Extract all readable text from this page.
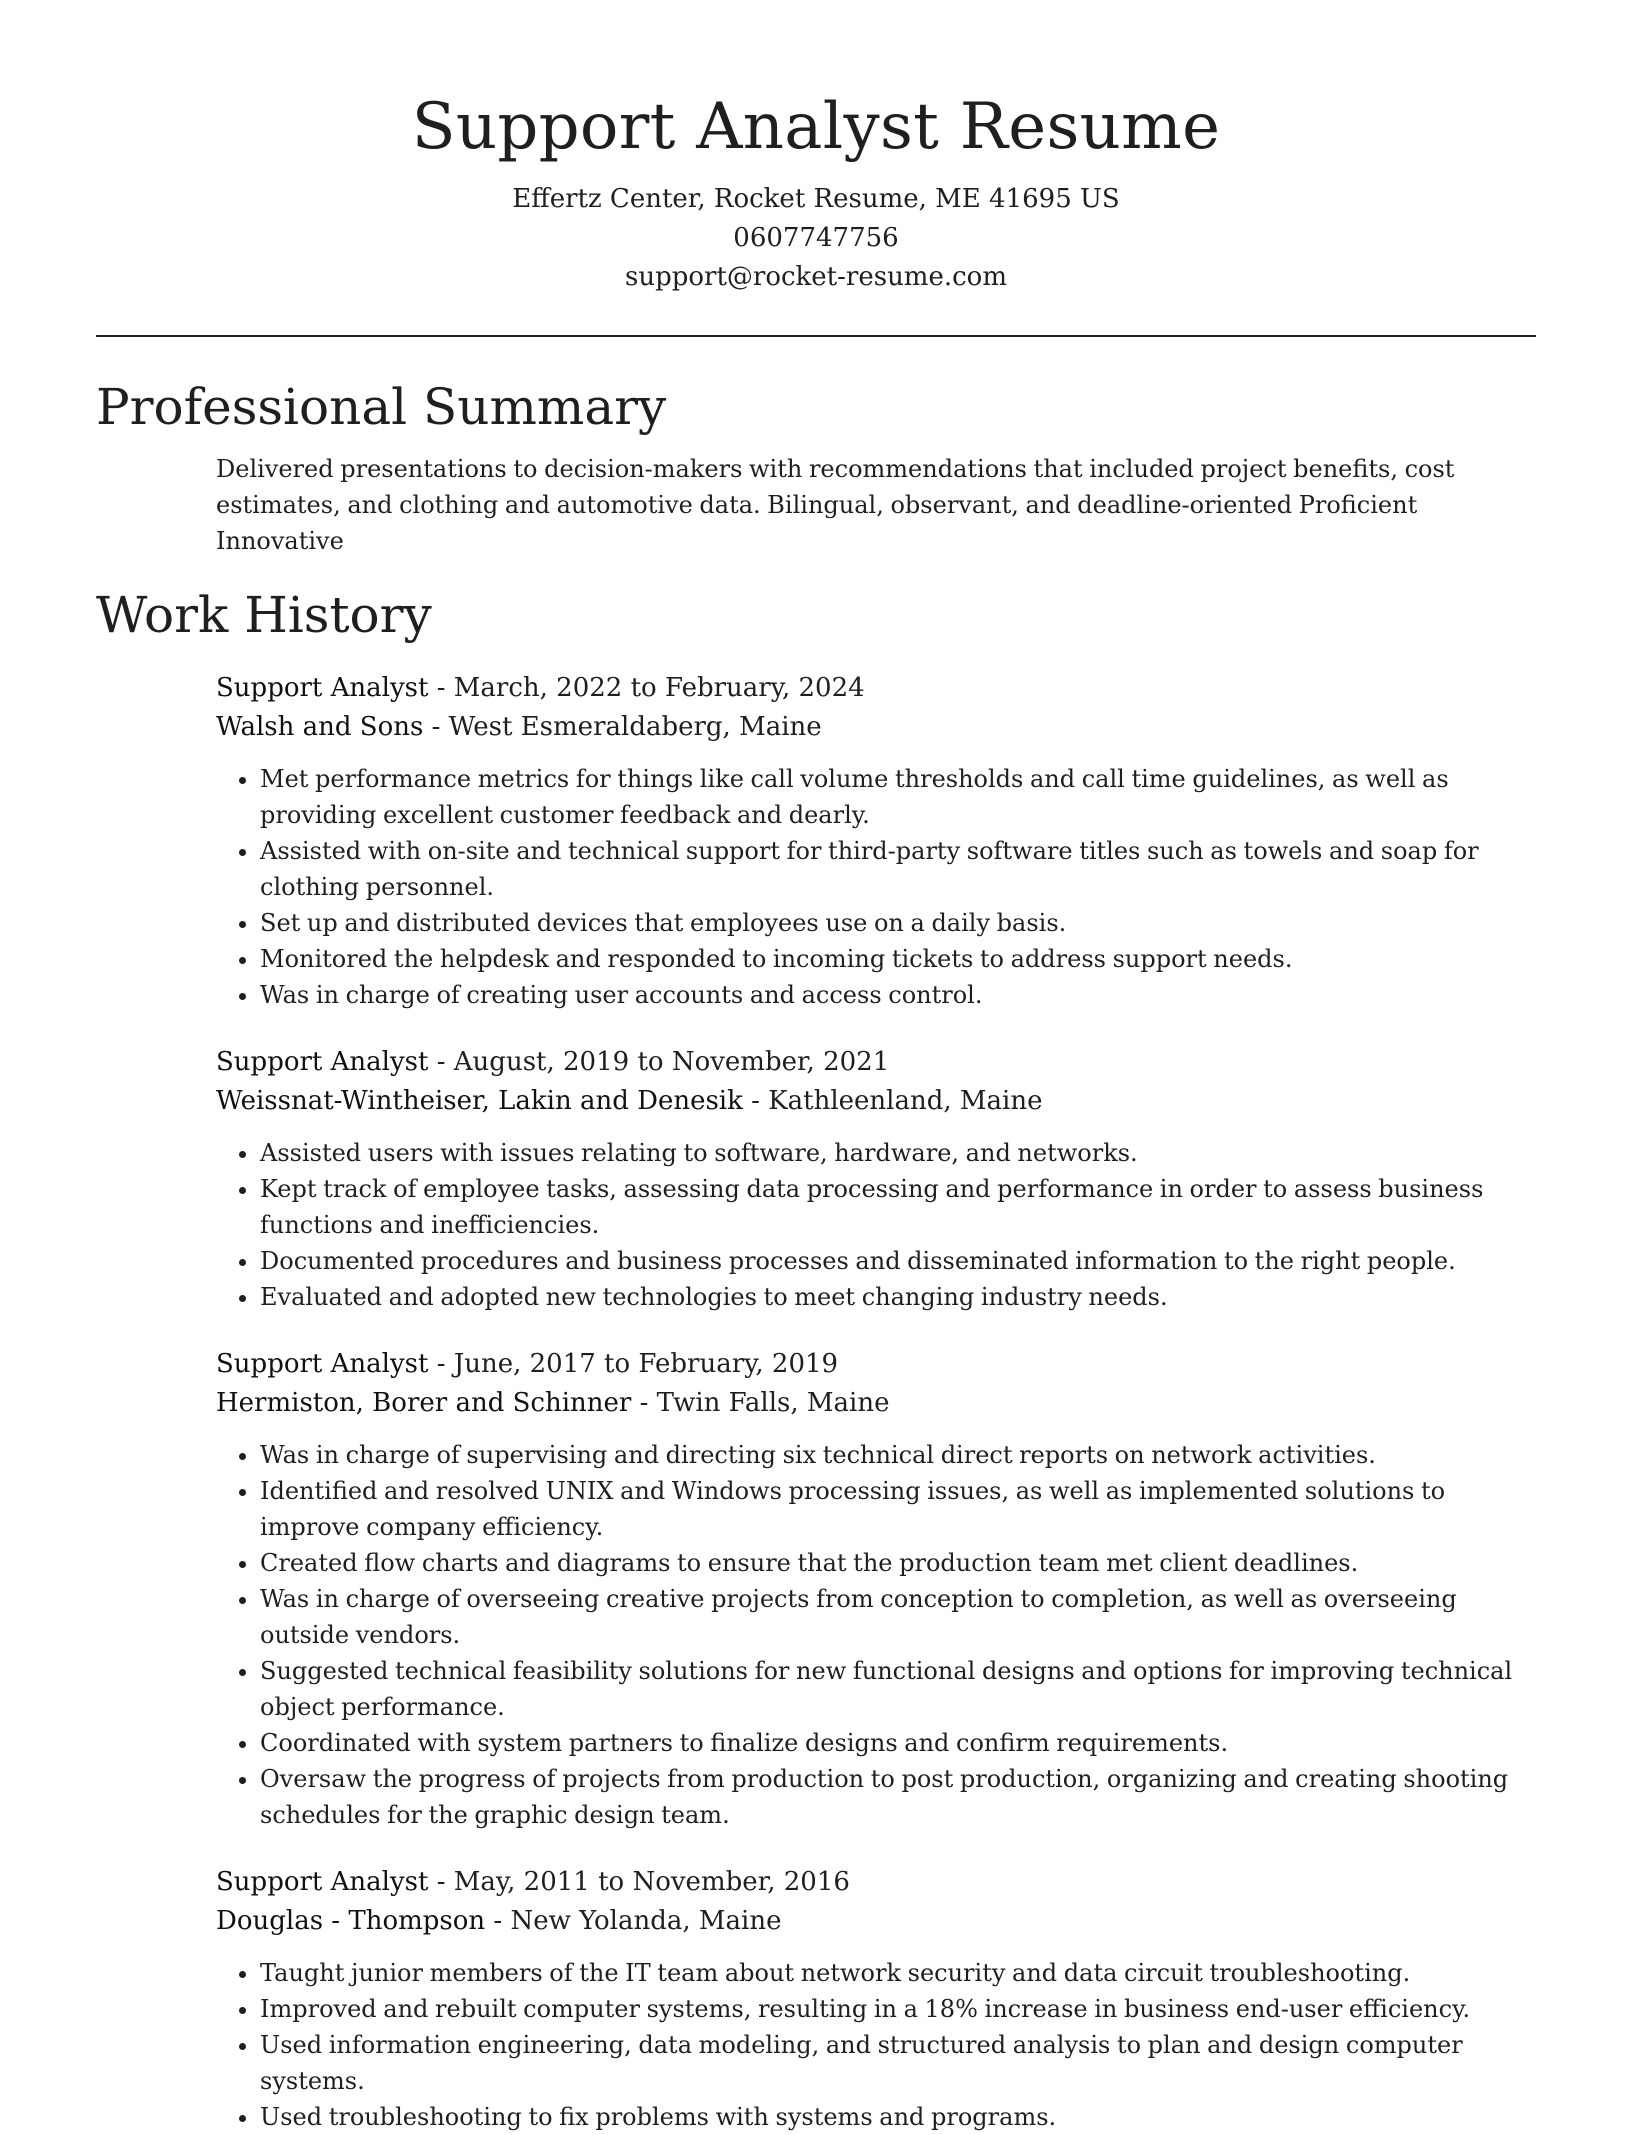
Support Analyst Resume

Effertz Center, Rocket Resume, ME 41695 US

0607747756

support@rocket-resume.com

Professional Summary

Delivered presentations to decision-makers with recommendations that included project benefits, cost estimates, and clothing and automotive data. Bilingual, observant, and deadline-oriented Proficient Innovative

Work History

Support Analyst - March, 2022 to February, 2024

Walsh and Sons - West Esmeraldaberg, Maine

• Met performance metrics for things like call volume thresholds and call time guidelines, as well as providing excellent customer feedback and dearly.
• Assisted with on-site and technical support for third-party software titles such as towels and soap for clothing personnel.
• Set up and distributed devices that employees use on a daily basis.
• Monitored the helpdesk and responded to incoming tickets to address support needs.
• Was in charge of creating user accounts and access control.

Support Analyst - August, 2019 to November, 2021

Weissnat-Wintheiser, Lakin and Denesik - Kathleenland, Maine

• Assisted users with issues relating to software, hardware, and networks.
• Kept track of employee tasks, assessing data processing and performance in order to assess business functions and inefficiencies.
• Documented procedures and business processes and disseminated information to the right people.
• Evaluated and adopted new technologies to meet changing industry needs.

Support Analyst - June, 2017 to February, 2019

Hermiston, Borer and Schinner - Twin Falls, Maine

• Was in charge of supervising and directing six technical direct reports on network activities.
• Identified and resolved UNIX and Windows processing issues, as well as implemented solutions to improve company efficiency.
• Created flow charts and diagrams to ensure that the production team met client deadlines.
• Was in charge of overseeing creative projects from conception to completion, as well as overseeing outside vendors.
• Suggested technical feasibility solutions for new functional designs and options for improving technical object performance.
• Coordinated with system partners to finalize designs and confirm requirements.
• Oversaw the progress of projects from production to post production, organizing and creating shooting schedules for the graphic design team.

Support Analyst - May, 2011 to November, 2016

Douglas - Thompson - New Yolanda, Maine

• Taught junior members of the IT team about network security and data circuit troubleshooting.
• Improved and rebuilt computer systems, resulting in a 18% increase in business end-user efficiency.
• Used information engineering, data modeling, and structured analysis to plan and design computer systems.
• Used troubleshooting to fix problems with systems and programs.
